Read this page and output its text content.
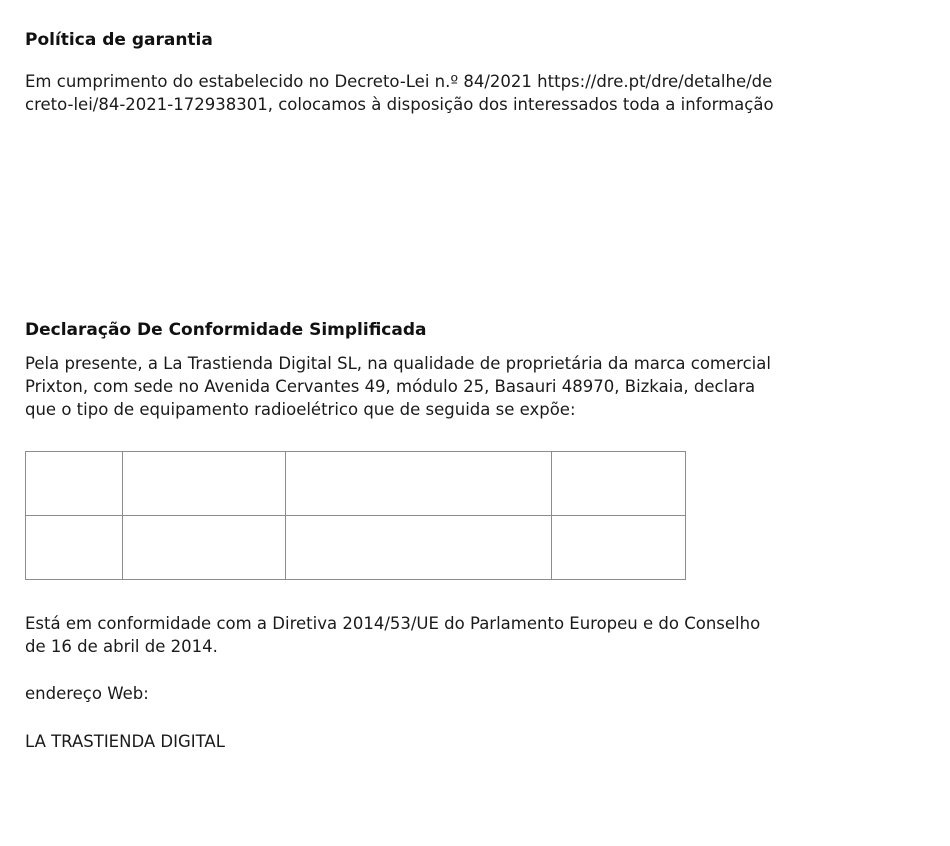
Política de garantia

Em cumprimento do estabelecido no Decreto-Lei n.º 84/2021 https://dre.pt/dre/detalhe/de
creto-lei/84-2021-172938301, colocamos à disposição dos interessados toda a informação

Declaração De Conformidade Simplificada

Pela presente, a La Trastienda Digital SL, na qualidade de proprietária da marca comercial
Prixton, com sede no Avenida Cervantes 49, módulo 25, Basauri 48970, Bizkaia, declara
que o tipo de equipamento radioelétrico que de seguida se expõe:

Está em conformidade com a Diretiva 2014/53/UE do Parlamento Europeu e do Conselho
de 16 de abril de 2014.

endereço Web:

LA TRASTIENDA DIGITAL
